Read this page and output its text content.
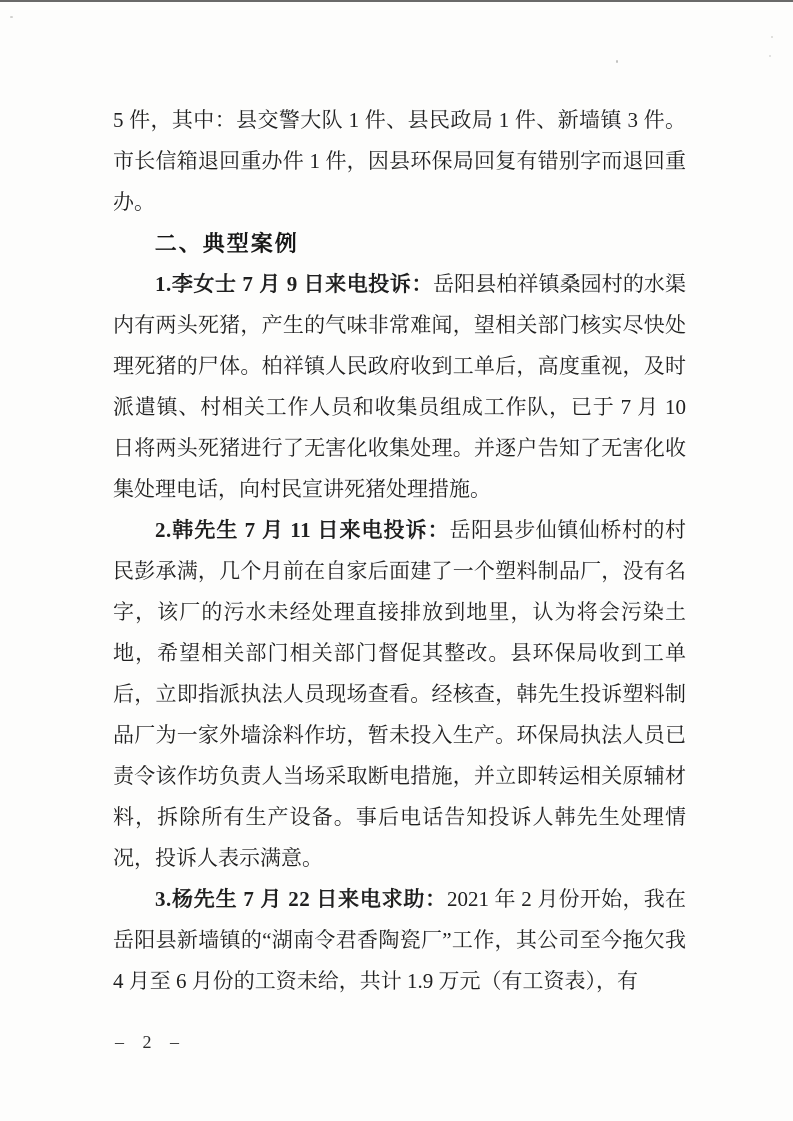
5 件，其中：县交警大队 1 件、县民政局 1 件、新墙镇 3 件。市长信箱退回重办件 1 件，因县环保局回复有错别字而退回重办。

二、典型案例

1.李女士 7 月 9 日来电投诉：岳阳县柏祥镇桑园村的水渠内有两头死猪，产生的气味非常难闻，望相关部门核实尽快处理死猪的尸体。柏祥镇人民政府收到工单后，高度重视，及时派遣镇、村相关工作人员和收集员组成工作队，已于 7 月 10 日将两头死猪进行了无害化收集处理。并逐户告知了无害化收集处理电话，向村民宣讲死猪处理措施。

2.韩先生 7 月 11 日来电投诉：岳阳县步仙镇仙桥村的村民彭承满，几个月前在自家后面建了一个塑料制品厂，没有名字，该厂的污水未经处理直接排放到地里，认为将会污染土地，希望相关部门相关部门督促其整改。县环保局收到工单后，立即指派执法人员现场查看。经核查，韩先生投诉塑料制品厂为一家外墙涂料作坊，暂未投入生产。环保局执法人员已责令该作坊负责人当场采取断电措施，并立即转运相关原辅材料，拆除所有生产设备。事后电话告知投诉人韩先生处理情况，投诉人表示满意。

3.杨先生 7 月 22 日来电求助：2021 年 2 月份开始，我在岳阳县新墙镇的“湖南令君香陶瓷厂”工作，其公司至今拖欠我 4 月至 6 月份的工资未给，共计 1.9 万元（有工资表），有

– 2 –
